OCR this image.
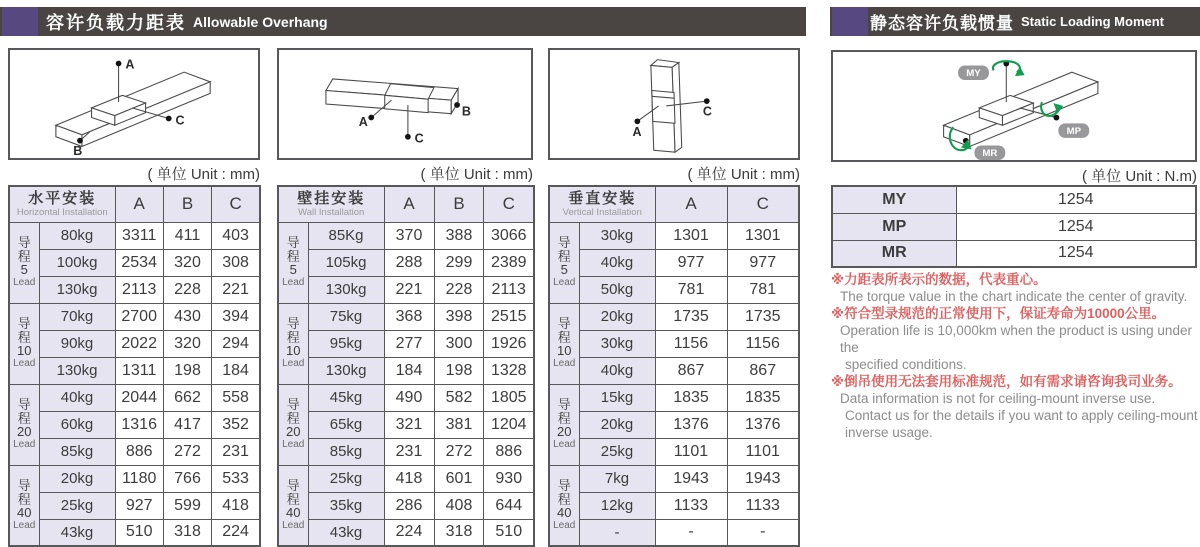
容许负载力距表 Allowable Overhang	静态容许负载惯量 Static Loading Moment
A
C
B
A
C
B
A
C
MY
MP
MR
( 单位 Unit : mm)	( 单位 Unit : mm)	( 单位 Unit : mm)	( 单位 Unit : N.m)
水平安装
Horizontal Installation		A	B	C

导
程
5
Lead	80kg	3311	411	403
	100kg	2534	320	308
	130kg	2113	228	221

导
程
10
Lead	70kg	2700	430	394
	90kg	2022	320	294
	130kg	1311	198	184

导
程
20
Lead	40kg	2044	662	558
	60kg	1316	417	352
	85kg	886	272	231

导
程
40
Lead	20kg	1180	766	533
	25kg	927	599	418
	43kg	510	318	224
壁挂安装
Wall Installation		A	B	C

导
程
5
Lead	85Kg	370	388	3066
	105kg	288	299	2389
	130kg	221	228	2113

导
程
10
Lead	75kg	368	398	2515
	95kg	277	300	1926
	130kg	184	198	1328

导
程
20
Lead	45kg	490	582	1805
	65kg	321	381	1204
	85kg	231	272	886

导
程
40
Lead	25kg	418	601	930
	35kg	286	408	644
	43kg	224	318	510
垂直安装
Vertical Installation		A	C

导
程
5
Lead	30kg	1301	1301
	40kg	977	977
	50kg	781	781

导
程
10
Lead	20kg	1735	1735
	30kg	1156	1156
	40kg	867	867

导
程
20
Lead	15kg	1835	1835
	20kg	1376	1376
	25kg	1101	1101

导
程
40
Lead	7kg	1943	1943
	12kg	1133	1133
	-	-	-
MY	1254
MP	1254
MR	1254
※力距表所表示的数据，代表重心。
The torque value in the chart indicate the center of gravity.
※符合型录规范的正常使用下，保证寿命为10000公里。
Operation life is 10,000km when the product is using under the
specified conditions.
※倒吊使用无法套用标准规范，如有需求请咨询我司业务。
Data information is not for ceiling-mount inverse use.
Contact us for the details if you want to apply ceiling-mount
inverse usage.
